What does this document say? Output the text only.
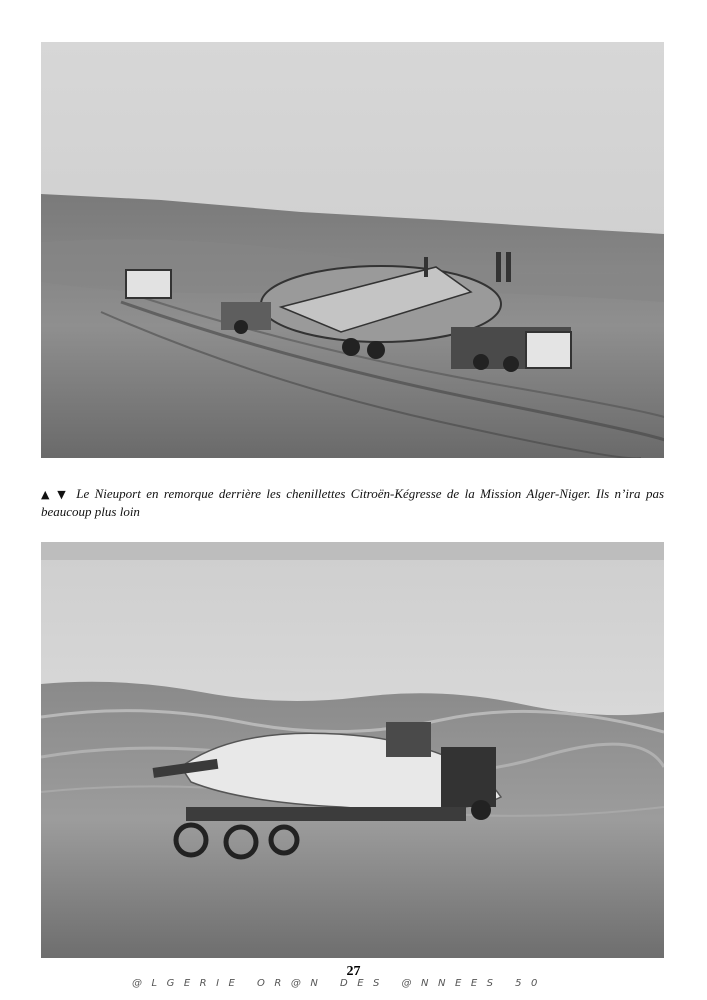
▲ ▼ Le Nieuport en remorque derrière les chenillettes Citroën-Kégresse de la Mission Alger-Niger. Ils n’ira pas beaucoup plus loin
27
@LGERIE OR@N DES @NNEES 50
